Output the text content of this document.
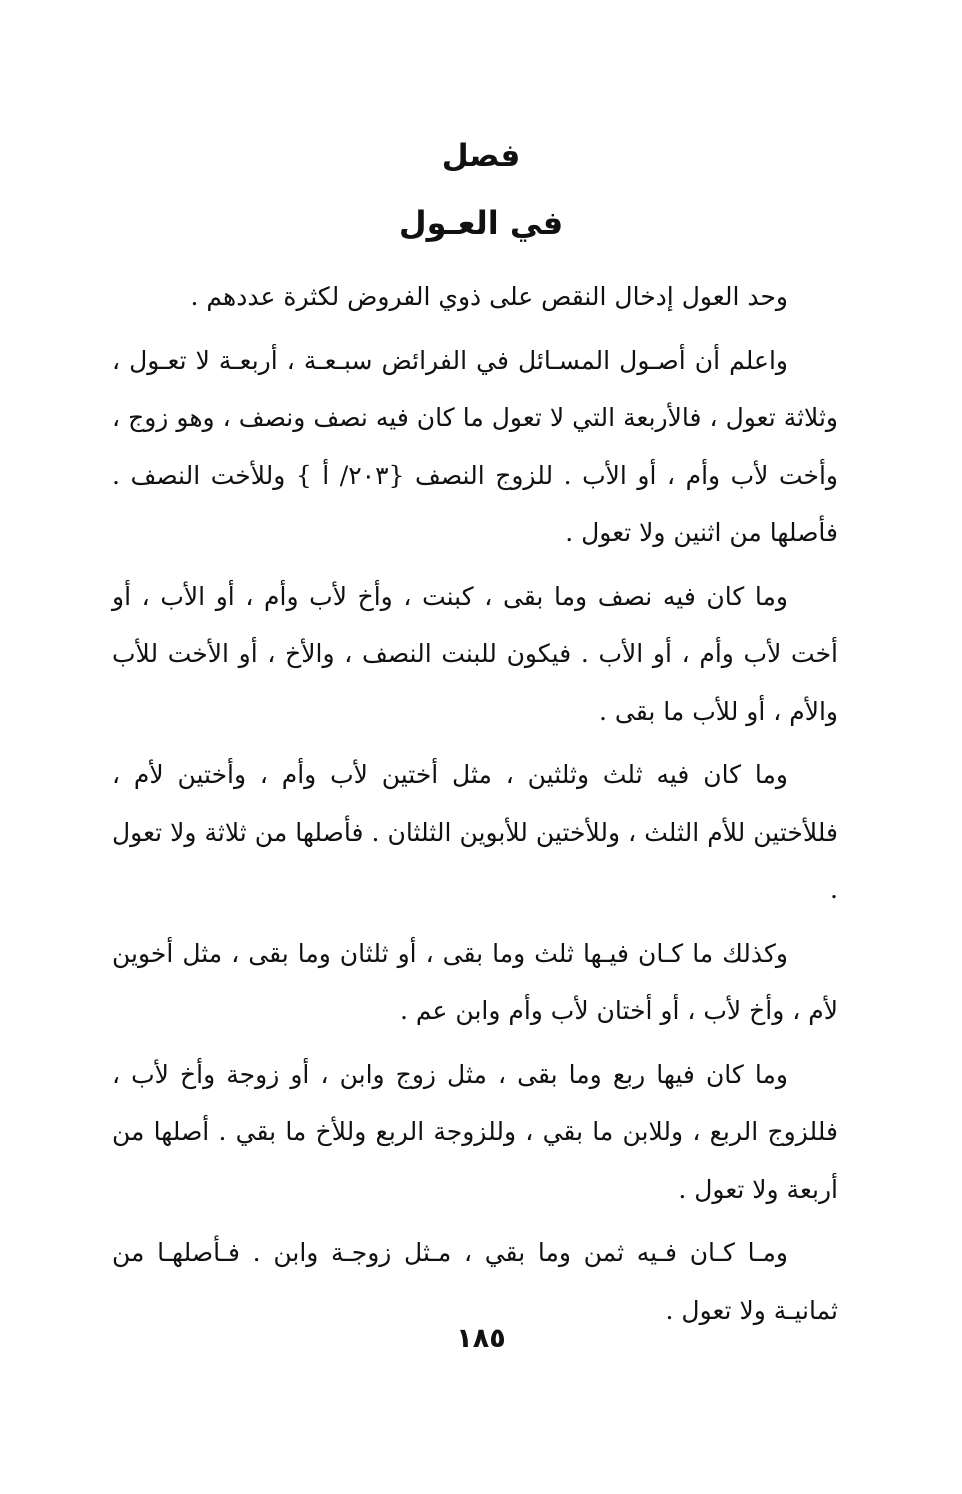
فصل
في العـول

وحد العول إدخال النقص على ذوي الفروض لكثرة عددهم .

واعلم أن أصـول المسـائل في الفرائض سبـعـة ، أربعـة لا تعـول ، وثلاثة تعول ، فالأربعة التي لا تعول ما كان فيه نصف ونصف ، وهو زوج ، وأخت لأب وأم ، أو الأب . للزوج النصف {٢٠٣/ أ } وللأخت النصف . فأصلها من اثنين ولا تعول .

وما كان فيه نصف وما بقى ، كبنت ، وأخ لأب وأم ، أو الأب ، أو أخت لأب وأم ، أو الأب . فيكون للبنت النصف ، والأخ ، أو الأخت للأب والأم ، أو للأب ما بقى .

وما كان فيه ثلث وثلثين ، مثل أختين لأب وأم ، وأختين لأم ، فللأختين للأم الثلث ، وللأختين للأبوين الثلثان . فأصلها من ثلاثة ولا تعول .

وكذلك ما كـان فيـها ثلث وما بقى ، أو ثلثان وما بقى ، مثل أخوين لأم ، وأخ لأب ، أو أختان لأب وأم وابن عم .

وما كان فيها ربع وما بقى ، مثل زوج وابن ، أو زوجة وأخ لأب ، فللزوج الربع ، وللابن ما بقي ، وللزوجة الربع وللأخ ما بقي . أصلها من أربعة ولا تعول .

ومـا كـان فـيه ثمن وما بقي ، مـثل زوجـة وابن . فـأصلهـا من ثمانيـة ولا تعول .

١٨٥
